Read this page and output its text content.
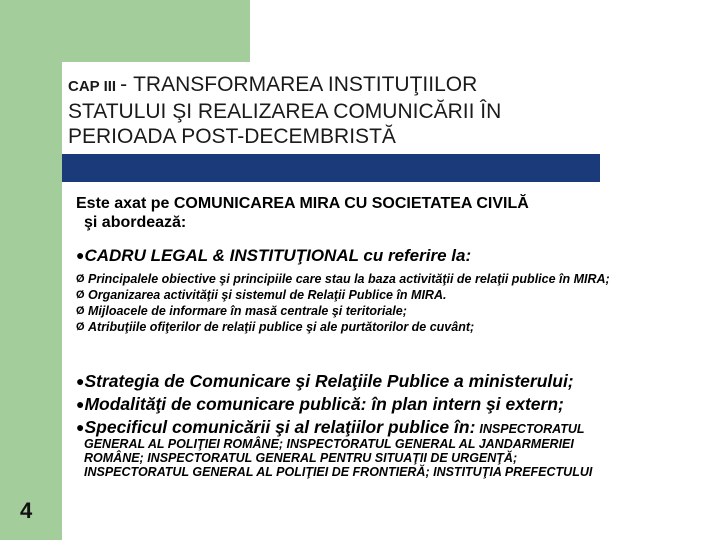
CAP III - TRANSFORMAREA INSTITUŢIILOR
STATULUI ŞI REALIZAREA COMUNICĂRII ÎN
PERIOADA POST-DECEMBRISTĂ
Este axat pe COMUNICAREA MIRA CU SOCIETATEA CIVILĂ
şi abordează:
●CADRU LEGAL & INSTITUŢIONAL cu referire la:
Ø Principalele obiective şi principiile care stau la baza activităţii de relaţii publice în MIRA;
Ø Organizarea activităţii şi sistemul de Relaţii Publice în MIRA.
Ø Mijloacele de informare în masă centrale şi teritoriale;
Ø Atribuţiile ofiţerilor de relaţii publice şi ale purtătorilor de cuvânt;
●Strategia de Comunicare şi Relaţiile Publice a ministerului;
●Modalităţi de comunicare publică: în plan intern şi extern;
●Specificul comunicării şi al relaţiilor publice în: INSPECTORATUL
GENERAL AL POLIŢIEI ROMÂNE; INSPECTORATUL GENERAL AL JANDARMERIEI
ROMÂNE; INSPECTORATUL GENERAL PENTRU SITUAŢII DE URGENŢĂ;
INSPECTORATUL GENERAL AL POLIŢIEI DE FRONTIERĂ; INSTITUŢIA PREFECTULUI
4
